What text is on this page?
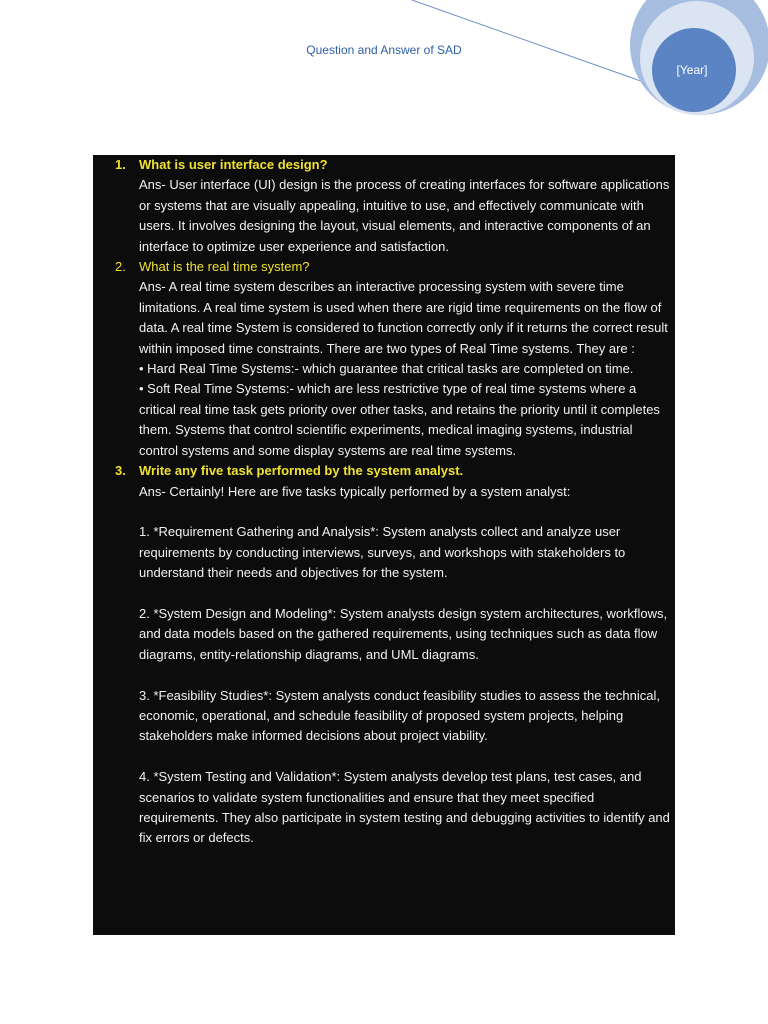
Question and Answer of SAD
[Year]
1. What is user interface design?
Ans- User interface (UI) design is the process of creating interfaces for software applications or systems that are visually appealing, intuitive to use, and effectively communicate with users. It involves designing the layout, visual elements, and interactive components of an interface to optimize user experience and satisfaction.
2. What is the real time system?
Ans- A real time system describes an interactive processing system with severe time limitations. A real time system is used when there are rigid time requirements on the flow of data. A real time System is considered to function correctly only if it returns the correct result within imposed time constraints. There are two types of Real Time systems. They are :
• Hard Real Time Systems:- which guarantee that critical tasks are completed on time.
• Soft Real Time Systems:- which are less restrictive type of real time systems where a critical real time task gets priority over other tasks, and retains the priority until it completes them. Systems that control scientific experiments, medical imaging systems, industrial control systems and some display systems are real time systems.
3. Write any five task performed by the system analyst.
Ans- Certainly! Here are five tasks typically performed by a system analyst:
1. *Requirement Gathering and Analysis*: System analysts collect and analyze user requirements by conducting interviews, surveys, and workshops with stakeholders to understand their needs and objectives for the system.
2. *System Design and Modeling*: System analysts design system architectures, workflows, and data models based on the gathered requirements, using techniques such as data flow diagrams, entity-relationship diagrams, and UML diagrams.
3. *Feasibility Studies*: System analysts conduct feasibility studies to assess the technical, economic, operational, and schedule feasibility of proposed system projects, helping stakeholders make informed decisions about project viability.
4. *System Testing and Validation*: System analysts develop test plans, test cases, and scenarios to validate system functionalities and ensure that they meet specified requirements. They also participate in system testing and debugging activities to identify and fix errors or defects.
